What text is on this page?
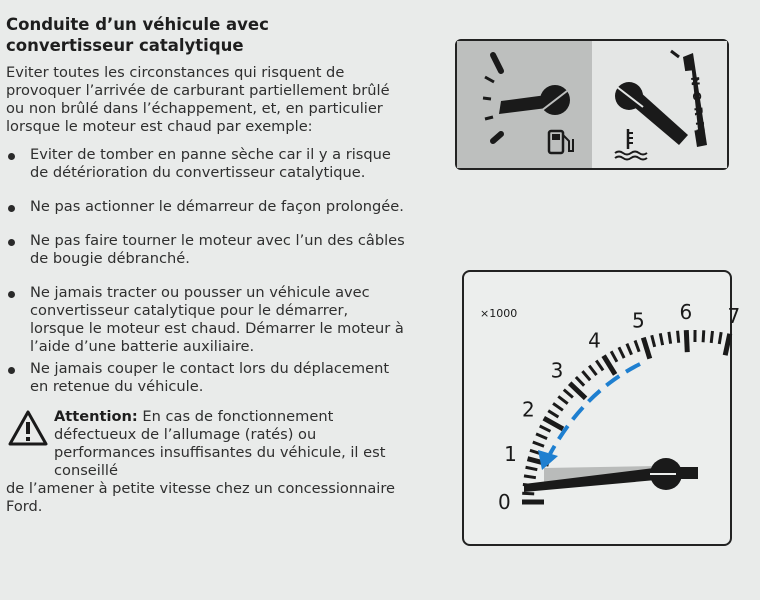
Conduite d’un véhicule avec
convertisseur catalytique

Eviter toutes les circonstances qui risquent de provoquer l’arrivée de carburant partiellement brûlé ou non brûlé dans l’échappement, et, en particulier lorsque le moteur est chaud par exemple:

Eviter de tomber en panne sèche car il y a risque de détérioration du convertisseur catalytique.
Ne pas actionner le démarreur de façon prolongée.
Ne pas faire tourner le moteur avec l’un des câbles de bougie débranché.
Ne jamais tracter ou pousser un véhicule avec convertisseur catalytique pour le démarrer, lorsque le moteur est chaud. Démarrer le moteur à l’aide d’une batterie auxiliaire.
Ne jamais couper le contact lors du déplacement en retenue du véhicule.
Attention: En cas de fonctionnement défectueux de l’allumage (ratés) ou performances insuffisantes du véhicule, il est conseillé
de l’amener à petite vitesse chez un concessionnaire Ford.
NORM
×1000
0
1
2
3
4
5 6 7
